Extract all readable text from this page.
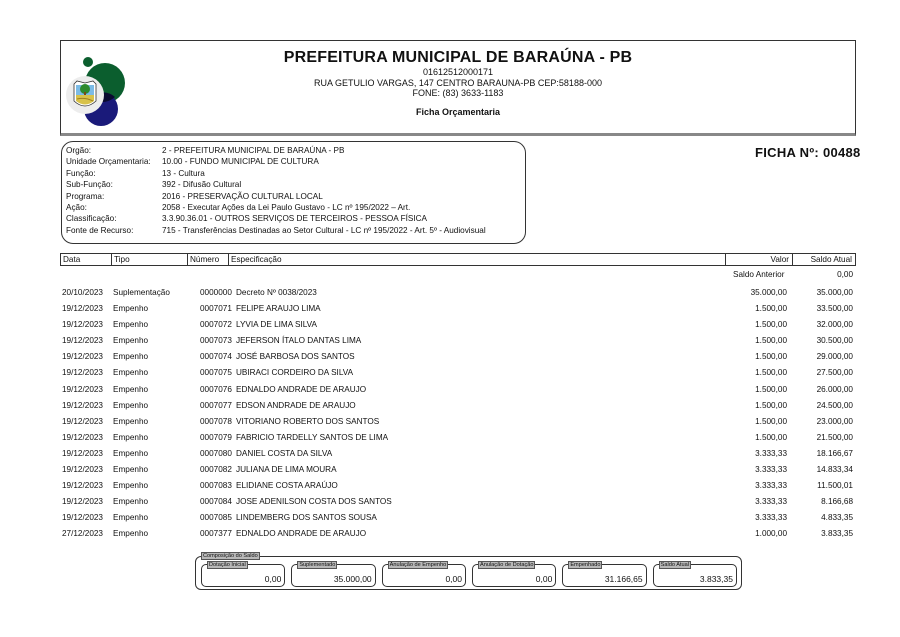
PREFEITURA MUNICIPAL DE BARAÚNA - PB
01612512000171
RUA GETULIO VARGAS, 147 CENTRO BARAUNA-PB CEP:58188-000
FONE: (83) 3633-1183
Ficha Orçamentaria
Orgão:	2 - PREFEITURA MUNICIPAL DE BARAÚNA - PB
Unidade Orçamentaria:	10.00 - FUNDO MUNICIPAL DE CULTURA
Função:	13 - Cultura
Sub-Função:	392 - Difusão Cultural
Programa:	2016 - PRESERVAÇÃO CULTURAL LOCAL
Ação:	2058 - Executar Ações da Lei Paulo Gustavo - LC nº 195/2022 – Art.
Classificação:	3.3.90.36.01 - OUTROS SERVIÇOS DE TERCEIROS - PESSOA FÍSICA
Fonte de Recurso:	715 - Transferências Destinadas ao Setor Cultural - LC nº 195/2022 - Art. 5º - Audiovisual
FICHA Nº: 00488
Data	Tipo	Número	Especificação	Valor	Saldo Atual
Saldo Anterior	0,00
20/10/2023 Suplementação	0000000 Decreto Nº 0038/2023	35.000,00	35.000,00
19/12/2023 Empenho	0007071 FELIPE ARAUJO LIMA	1.500,00	33.500,00
19/12/2023 Empenho	0007072 LYVIA DE LIMA SILVA	1.500,00	32.000,00
19/12/2023 Empenho	0007073 JEFERSON ÍTALO DANTAS LIMA	1.500,00	30.500,00
19/12/2023 Empenho	0007074 JOSÉ BARBOSA DOS SANTOS	1.500,00	29.000,00
19/12/2023 Empenho	0007075 UBIRACI CORDEIRO DA SILVA	1.500,00	27.500,00
19/12/2023 Empenho	0007076 EDNALDO ANDRADE DE ARAUJO	1.500,00	26.000,00
19/12/2023 Empenho	0007077 EDSON ANDRADE DE ARAUJO	1.500,00	24.500,00
19/12/2023 Empenho	0007078 VITORIANO ROBERTO DOS SANTOS	1.500,00	23.000,00
19/12/2023 Empenho	0007079 FABRICIO TARDELLY SANTOS DE LIMA	1.500,00	21.500,00
19/12/2023 Empenho	0007080 DANIEL COSTA DA SILVA	3.333,33	18.166,67
19/12/2023 Empenho	0007082 JULIANA DE LIMA MOURA	3.333,33	14.833,34
19/12/2023 Empenho	0007083 ELIDIANE COSTA ARAÚJO	3.333,33	11.500,01
19/12/2023 Empenho	0007084 JOSE ADENILSON COSTA DOS SANTOS	3.333,33	8.166,68
19/12/2023 Empenho	0007085 LINDEMBERG DOS SANTOS SOUSA	3.333,33	4.833,35
27/12/2023 Empenho	0007377 EDNALDO ANDRADE DE ARAUJO	1.000,00	3.833,35
Composição do Saldo
Dotação Inicial
0,00
Suplementado
35.000,00
Anulação de Empenho
0,00
Anulação de Dotação
0,00
Empenhado
31.166,65
Saldo Atual
3.833,35
